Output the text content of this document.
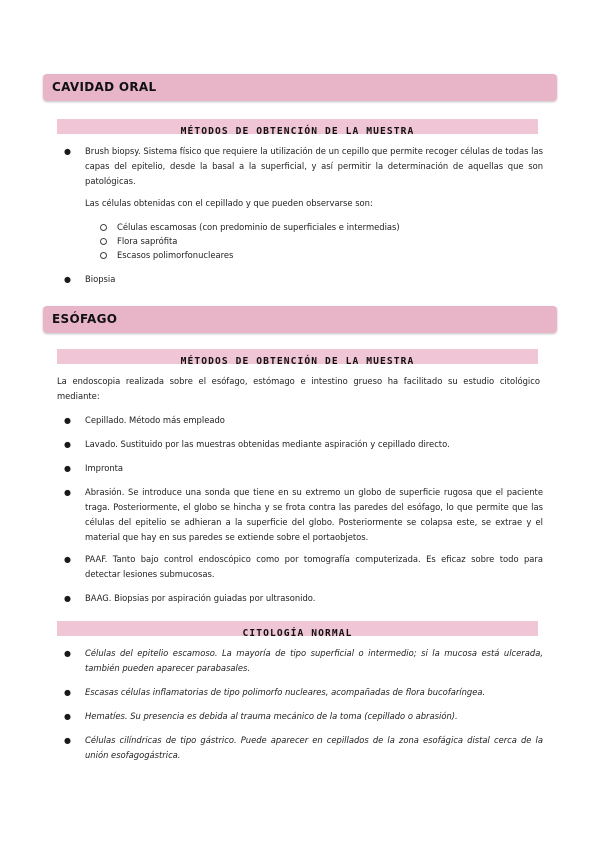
CAVIDAD ORAL
MÉTODOS DE OBTENCIÓN DE LA MUESTRA
● Brush biopsy. Sistema físico que requiere la utilización de un cepillo que permite recoger células de todas las capas del epitelio, desde la basal a la superficial, y así permitir la determinación de aquellas que son patológicas.
Las células obtenidas con el cepillado y que pueden observarse son:
Células escamosas (con predominio de superficiales e intermedias)
Flora saprófita
Escasos polimorfonucleares
● Biopsia
ESÓFAGO
MÉTODOS DE OBTENCIÓN DE LA MUESTRA
La endoscopia realizada sobre el esófago, estómago e intestino grueso ha facilitado su estudio citológico mediante:
● Cepillado. Método más empleado
● Lavado. Sustituido por las muestras obtenidas mediante aspiración y cepillado directo.
● Impronta
● Abrasión. Se introduce una sonda que tiene en su extremo un globo de superficie rugosa que el paciente traga. Posteriormente, el globo se hincha y se frota contra las paredes del esófago, lo que permite que las células del epitelio se adhieran a la superficie del globo. Posteriormente se colapsa este, se extrae y el material que hay en sus paredes se extiende sobre el portaobjetos.
● PAAF. Tanto bajo control endoscópico como por tomografía computerizada. Es eficaz sobre todo para detectar lesiones submucosas.
● BAAG. Biopsias por aspiración guiadas por ultrasonido.
CITOLOGÍA NORMAL
● Células del epitelio escamoso. La mayoría de tipo superficial o intermedio; si la mucosa está ulcerada, también pueden aparecer parabasales.
● Escasas células inflamatorias de tipo polimorfo nucleares, acompañadas de flora bucofaríngea.
● Hematíes. Su presencia es debida al trauma mecánico de la toma (cepillado o abrasión).
● Células cilíndricas de tipo gástrico. Puede aparecer en cepillados de la zona esofágica distal cerca de la unión esofagogástrica.
